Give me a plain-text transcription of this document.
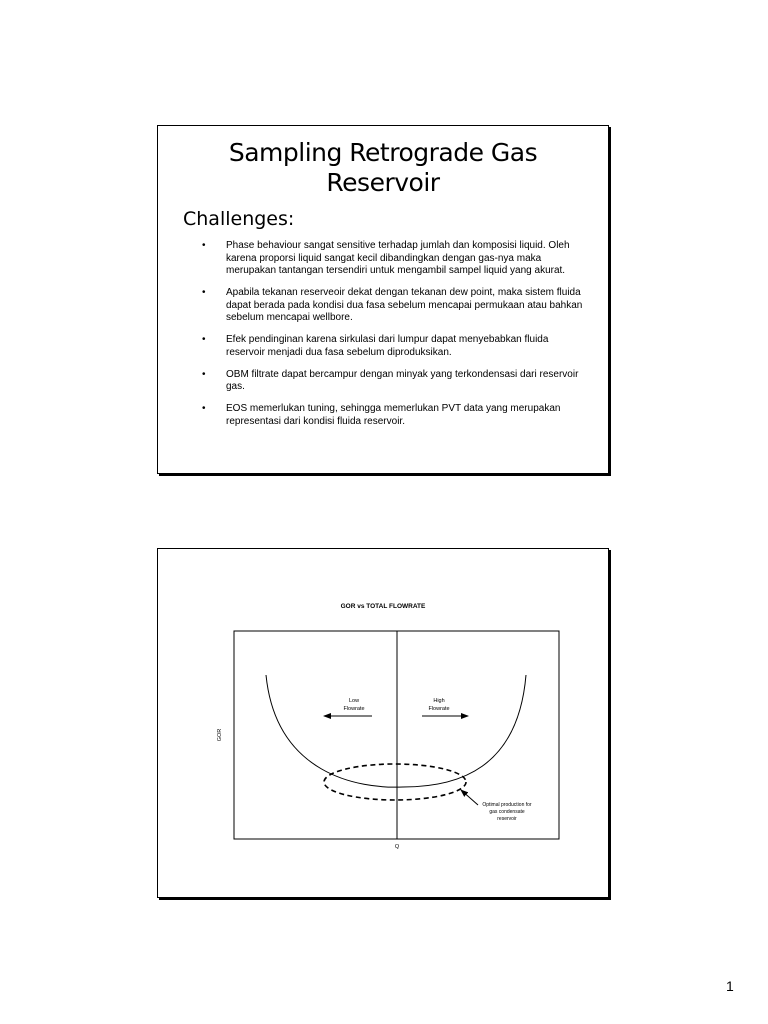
Sampling Retrograde Gas
Reservoir
Challenges:
• Phase behaviour sangat sensitive terhadap jumlah dan komposisi liquid. Oleh karena proporsi liquid sangat kecil dibandingkan dengan gas-nya maka merupakan tantangan tersendiri untuk mengambil sampel liquid yang akurat.
• Apabila tekanan reserveoir dekat dengan tekanan dew point, maka sistem fluida dapat berada pada kondisi dua fasa sebelum mencapai permukaan atau bahkan sebelum mencapai wellbore.
• Efek pendinginan karena sirkulasi dari lumpur dapat menyebabkan fluida reservoir menjadi dua fasa sebelum diproduksikan.
• OBM filtrate dapat bercampur dengan minyak yang terkondensasi dari reservoir gas.
• EOS memerlukan tuning, sehingga memerlukan PVT data yang merupakan representasi dari kondisi fluida reservoir.
GOR vs TOTAL FLOWRATE
Low
Flowrate
High
Flowrate
GOR
Q
Optimal production for
gas condensate
reservoir
1
